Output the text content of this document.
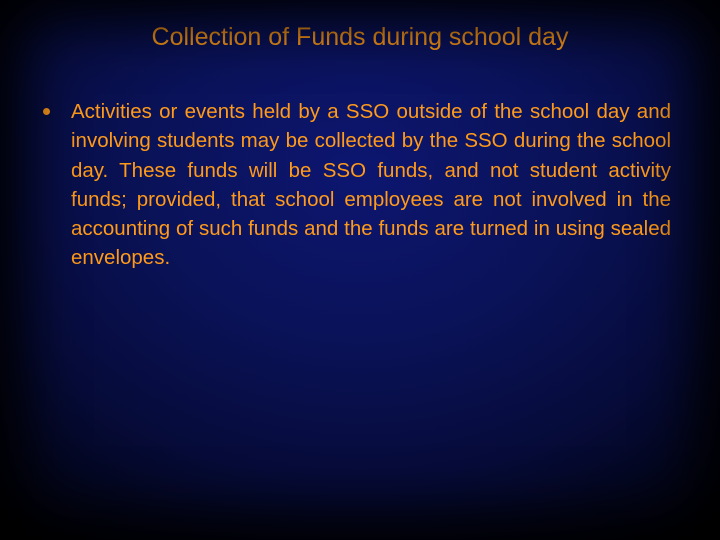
Collection of Funds during school day
Activities or events held by a SSO outside of the school day and involving students may be collected by the SSO during the school day. These funds will be SSO funds, and not student activity funds; provided, that school employees are not involved in the accounting of such funds and the funds are turned in using sealed envelopes.
